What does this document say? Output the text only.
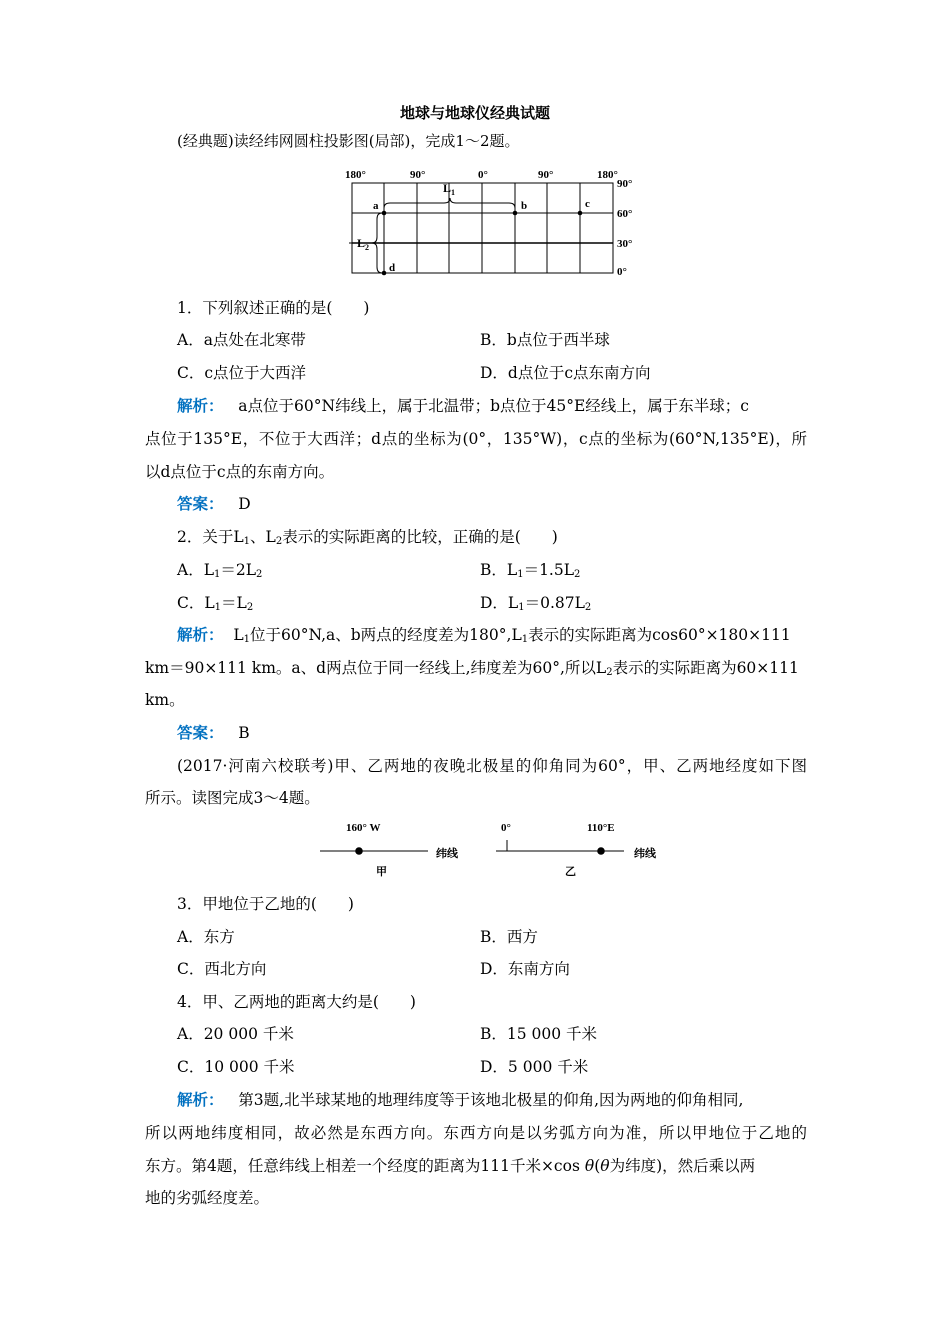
地球与地球仪经典试题
(经典题)读经纬网圆柱投影图(局部)，完成1～2题。
180°	90°	0°	90°	180°
90°
60°
30°
0°
$L_1$
$L_2$
a	b	c
d
1．下列叙述正确的是(　　)
A．a点处在北寒带	B．b点位于西半球
C．c点位于大西洋	D．d点位于c点东南方向
解析： a点位于60°N纬线上，属于北温带；b点位于45°E经线上，属于东半球；c
点位于135°E，不位于大西洋；d点的坐标为(0°，135°W)，c点的坐标为(60°N,135°E)，所
以d点位于c点的东南方向。
答案： D
2．关于$L_1$、$L_2$表示的实际距离的比较，正确的是(　　)
A．$L_1=2L_2$	B．$L_1=1.5L_2$
C．$L_1=L_2$	D．$L_1=0.87L_2$
解析： $L_1$位于60°N,a、b两点的经度差为$180^\circ,L_1$表示的实际距离为cos60°×180×111
km＝90×111 km。a、d两点位于同一经线上,纬度差为60°,所以$L_2$表示的实际距离为60×111
km。
答案： B
(2017·河南六校联考)甲、乙两地的夜晚北极星的仰角同为60°，甲、乙两地经度如下图
所示。读图完成3～4题。
160° W
纬线
甲
0°	110°E
纬线
乙
3．甲地位于乙地的(　　)
A．东方	B．西方
C．西北方向	D．东南方向
4．甲、乙两地的距离大约是(　　)
A．20 000 千米	B．15 000 千米
C．10 000 千米	D．5 000 千米
解析： 第3题,北半球某地的地理纬度等于该地北极星的仰角,因为两地的仰角相同,
所以两地纬度相同，故必然是东西方向。东西方向是以劣弧方向为准，所以甲地位于乙地的
东方。第4题，任意纬线上相差一个经度的距离为111千米×cos θ(θ为纬度)，然后乘以两
地的劣弧经度差。
